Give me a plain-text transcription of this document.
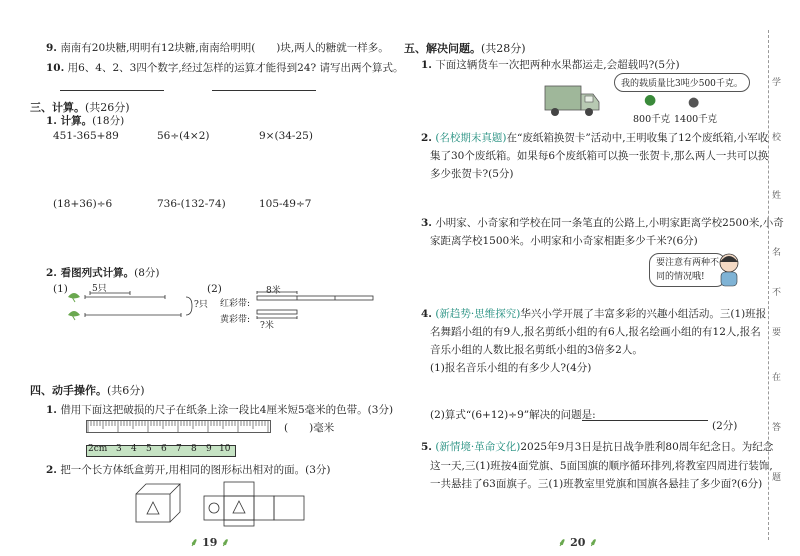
9. 南南有20块糖,明明有12块糖,南南给明明(　　)块,两人的糖就一样多。
10. 用6、4、2、3四个数字,经过怎样的运算才能得到24? 请写出两个算式。
三、计算。(共26分)
1. 计算。(18分)
451-365+89	56÷(4×2)	9×(34-25)
(18+36)÷6	736-(132-74)	105-49÷7
2. 看图列式计算。(8分)
(1)	5只
?只
(2)
红彩带:
黄彩带:
8米
?米
四、动手操作。(共6分)
1. 借用下面这把破损的尺子在纸条上涂一段比4厘米短5毫米的色带。(3分)
2cm 3 4 5 6 7 8 9 10
(　　)毫米
2. 把一个长方体纸盒剪开,用相同的图形标出相对的面。(3分)
⸙ 19 ⸙
五、解决问题。(共28分)
1. 下面这辆货车一次把两种水果都运走,会超载吗?(5分)
我的载质量比3吨少500千克。
● ●
800千克 1400千克
2. (名校期末真题)在“废纸箱换贺卡”活动中,王明收集了12个废纸箱,小军收
集了30个废纸箱。如果每6个废纸箱可以换一张贺卡,那么两人一共可以换
多少张贺卡?(5分)
3. 小明家、小奇家和学校在同一条笔直的公路上,小明家距离学校2500米,小奇
家距离学校1500米。小明家和小奇家相距多少千米?(6分)
要注意有两种不
同的情况哦!
4. (新趋势·思维探究)华兴小学开展了丰富多彩的兴趣小组活动。三(1)班报
名舞蹈小组的有9人,报名剪纸小组的有6人,报名绘画小组的有12人,报名
音乐小组的人数比报名剪纸小组的3倍多2人。
(1)报名音乐小组的有多少人?(4分)
(2)算式“(6+12)÷9”解决的问题是:
(2分)
5. (新情境·革命文化)2025年9月3日是抗日战争胜利80周年纪念日。为纪念
这一天,三(1)班按4面党旗、5面国旗的顺序循环排列,将教室四周进行装饰,
一共悬挂了63面旗子。三(1)班教室里党旗和国旗各悬挂了多少面?(6分)
⸙ 20 ⸙
学
校
姓
名
不
要
在
答
题
